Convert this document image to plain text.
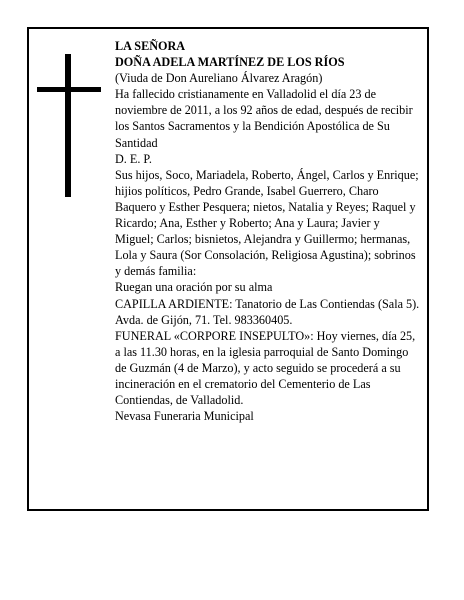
LA SEÑORA

DOÑA ADELA MARTÍNEZ DE LOS RÍOS

(Viuda de Don Aureliano Álvarez Aragón)

Ha fallecido cristianamente en Valladolid el día 23 de noviembre de 2011, a los 92 años de edad, después de recibir los Santos Sacramentos y la Bendición Apostólica de Su Santidad

D. E. P.

Sus hijos, Soco, Mariadela, Roberto, Ángel, Carlos y Enrique; hijios políticos, Pedro Grande, Isabel Guerrero, Charo Baquero y Esther Pesquera; nietos, Natalia y Reyes; Raquel y Ricardo; Ana, Esther y Roberto; Ana y Laura; Javier y Miguel; Carlos; bisnietos, Alejandra y Guillermo; hermanas, Lola y Saura (Sor Consolación, Religiosa Agustina); sobrinos y demás familia:

Ruegan una oración por su alma

CAPILLA ARDIENTE: Tanatorio de Las Contiendas (Sala 5). Avda. de Gijón, 71. Tel. 983360405.

FUNERAL «CORPORE INSEPULTO»: Hoy viernes, día 25, a las 11.30 horas, en la iglesia parroquial de Santo Domingo de Guzmán (4 de Marzo), y acto seguido se procederá a su incineración en el crematorio del Cementerio de Las Contiendas, de Valladolid.

Nevasa Funeraria Municipal
